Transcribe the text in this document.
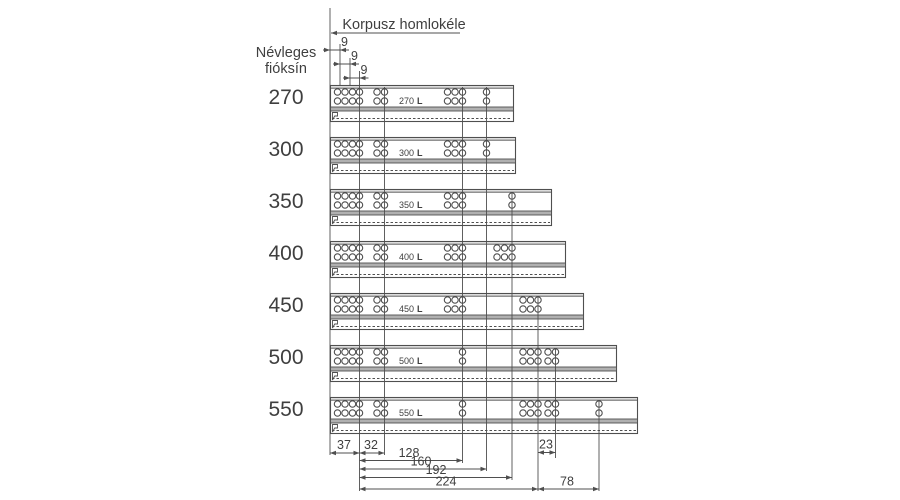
270	270 L
300	300 L
350	350 L
400	400 L
450	450 L
500	500 L
550	550 L
9
9
9
37 32
128
160
192
224
23
78
Korpusz homlokéle
Névleges
fióksín
